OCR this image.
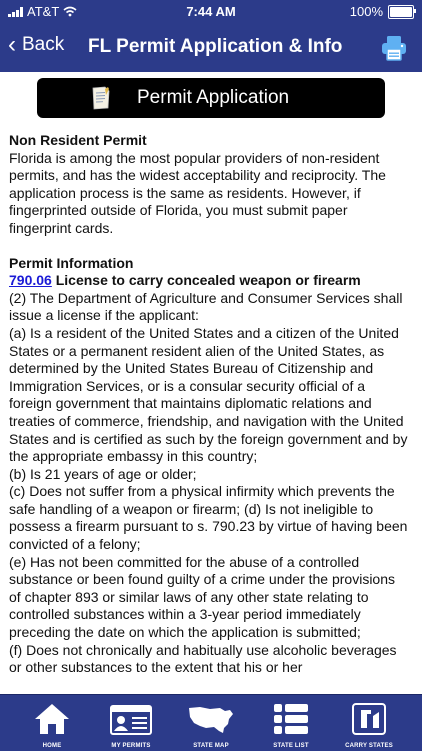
AT&T	7:44 AM	100%
‹ Back FL Permit Application & Info
Permit Application

Non Resident Permit

Florida is among the most popular providers of non-resident permits, and has the widest acceptability and reciprocity. The application process is the same as residents. However, if fingerprinted outside of Florida, you must submit paper fingerprint cards.

Permit Information

790.06 License to carry concealed weapon or firearm

(2) The Department of Agriculture and Consumer Services shall issue a license if the applicant:

(a) Is a resident of the United States and a citizen of the United States or a permanent resident alien of the United States, as determined by the United States Bureau of Citizenship and Immigration Services, or is a consular security official of a foreign government that maintains diplomatic relations and treaties of commerce, friendship, and navigation with the United States and is certified as such by the foreign government and by the appropriate embassy in this country;

(b) Is 21 years of age or older;

(c) Does not suffer from a physical infirmity which prevents the safe handling of a weapon or firearm; (d) Is not ineligible to possess a firearm pursuant to s. 790.23 by virtue of having been convicted of a felony;

(e) Has not been committed for the abuse of a controlled substance or been found guilty of a crime under the provisions of chapter 893 or similar laws of any other state relating to controlled substances within a 3-year period immediately preceding the date on which the application is submitted;

(f) Does not chronically and habitually use alcoholic beverages or other substances to the extent that his or her

HOME	MY PERMITS	STATE MAP	STATE LIST	CARRY STATES
